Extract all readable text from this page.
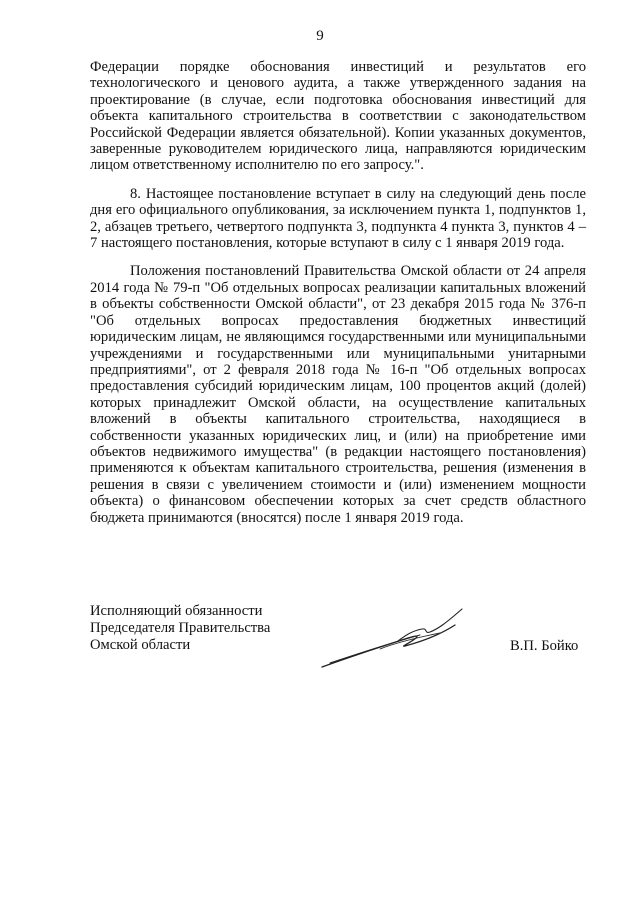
9

Федерации порядке обоснования инвестиций и результатов его технологического и ценового аудита, а также утвержденного задания на проектирование (в случае, если подготовка обоснования инвестиций для объекта капитального строительства в соответствии с законодательством Российской Федерации является обязательной). Копии указанных документов, заверенные руководителем юридического лица, направляются юридическим лицом ответственному исполнителю по его запросу.".

8. Настоящее постановление вступает в силу на следующий день после дня его официального опубликования, за исключением пункта 1, подпунктов 1, 2, абзацев третьего, четвертого подпункта 3, подпункта 4 пункта 3, пунктов 4 – 7 настоящего постановления, которые вступают в силу с 1 января 2019 года.

Положения постановлений Правительства Омской области от 24 апреля 2014 года № 79-п "Об отдельных вопросах реализации капитальных вложений в объекты собственности Омской области", от 23 декабря 2015 года № 376-п "Об отдельных вопросах предоставления бюджетных инвестиций юридическим лицам, не являющимся государственными или муниципальными учреждениями и государственными или муниципальными унитарными предприятиями", от 2 февраля 2018 года № 16-п "Об отдельных вопросах предоставления субсидий юридическим лицам, 100 процентов акций (долей) которых принадлежит Омской области, на осуществление капитальных вложений в объекты капитального строительства, находящиеся в собственности указанных юридических лиц, и (или) на приобретение ими объектов недвижимого имущества" (в редакции настоящего постановления) применяются к объектам капитального строительства, решения (изменения в решения в связи с увеличением стоимости и (или) изменением мощности объекта) о финансовом обеспечении которых за счет средств областного бюджета принимаются (вносятся) после 1 января 2019 года.

Исполняющий обязанности
Председателя Правительства
Омской области	В.П. Бойко
